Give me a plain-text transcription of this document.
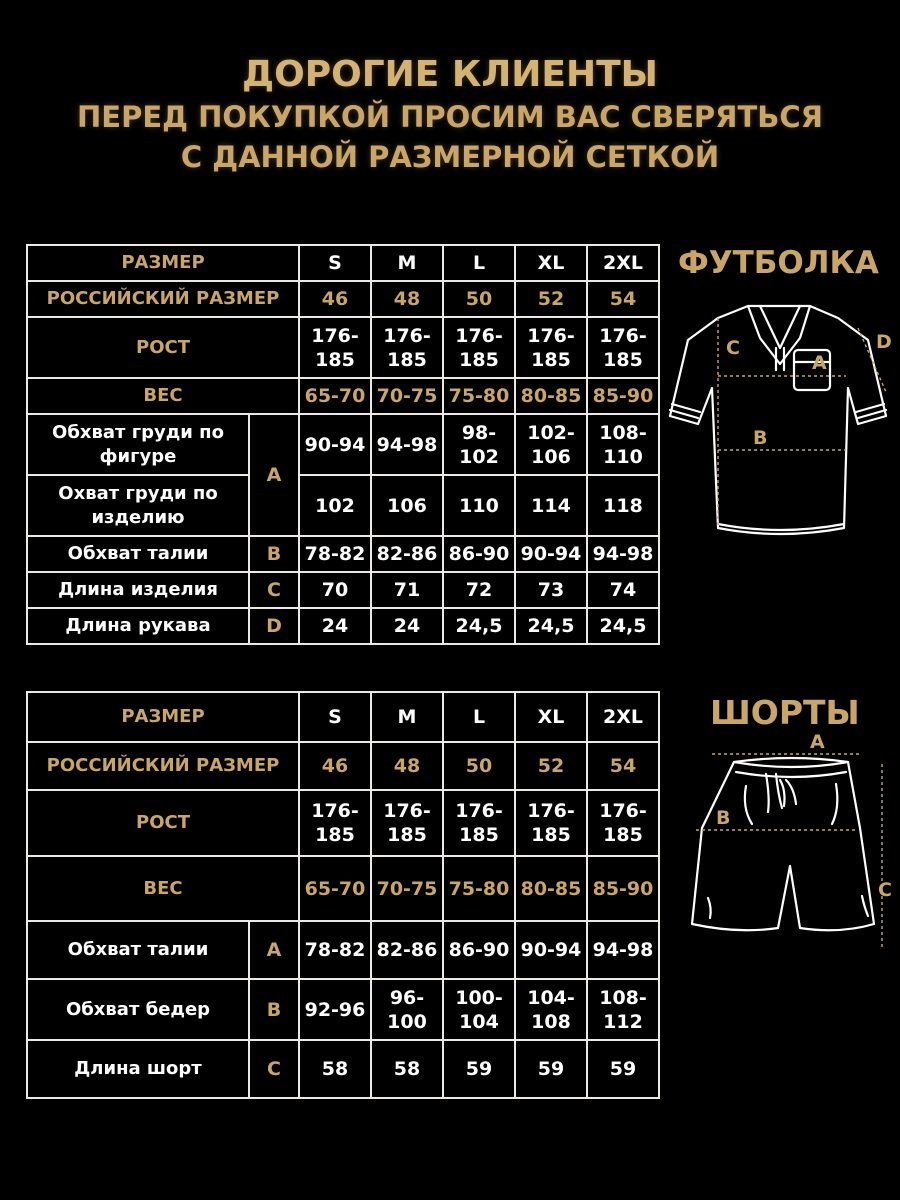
ДОРОГИЕ КЛИЕНТЫ
ПЕРЕД ПОКУПКОЙ ПРОСИМ ВАС СВЕРЯТЬСЯ
С ДАННОЙ РАЗМЕРНОЙ СЕТКОЙ
РАЗМЕР		S	M	L	XL	2XL
РОССИЙСКИЙ РАЗМЕР		46	48	50	52	54
РОСТ		176-185	176-185	176-185	176-185	176-185
ВЕС		65-70	70-75	75-80	80-85	85-90
Обхват груди по фигуре	A	90-94	94-98	98-102	102-106	108-110
Охват груди по изделию		102	106	110	114	118
Обхват талии	B	78-82	82-86	86-90	90-94	94-98
Длина изделия	C	70	71	72	73	74
Длина рукава	D	24	24	24,5	24,5	24,5
ФУТБОЛКА
C
A
B
D
РАЗМЕР		S	M	L	XL	2XL
РОССИЙСКИЙ РАЗМЕР		46	48	50	52	54
РОСТ		176-185	176-185	176-185	176-185	176-185
ВЕС		65-70	70-75	75-80	80-85	85-90
Обхват талии	A	78-82	82-86	86-90	90-94	94-98
Обхват бедер	B	92-96	96-100	100-104	104-108	108-112
Длина шорт	C	58	58	59	59	59
ШОРТЫ
A
B
C
